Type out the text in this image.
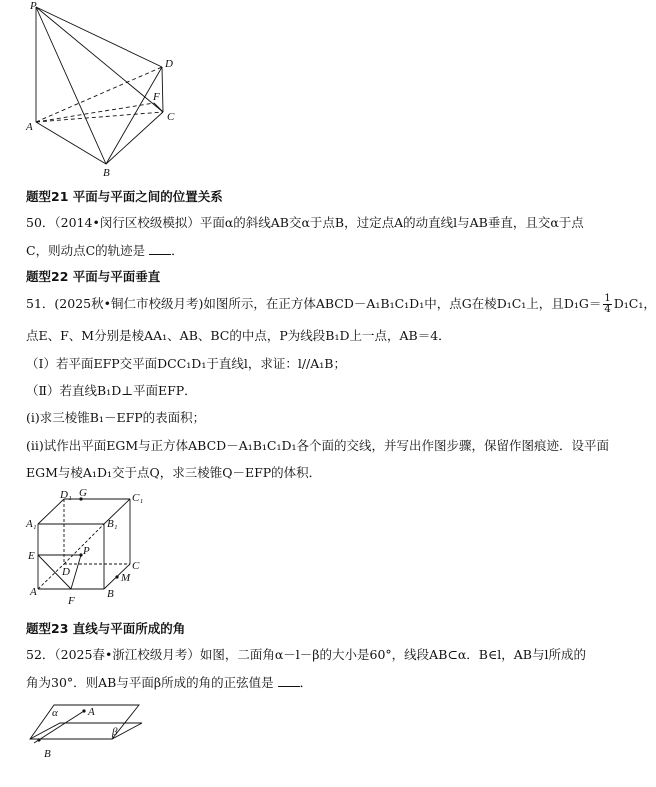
P
D
F
A
C
B
题型21 平面与平面之间的位置关系
50．（2014•闵行区校级模拟）平面α的斜线AB交α于点B，过定点A的动直线l与AB垂直，且交α于点
C，则动点C的轨迹是 ．
题型22 平面与平面垂直
51．(2025秋•铜仁市校级月考)如图所示，在正方体ABCD－A₁B₁C₁D₁中，点G在棱D₁C₁上，且$D_1G= \frac{1}{4} D_1C_1$，
点E、F、M分别是棱AA₁、AB、BC的中点，P为线段B₁D上一点，AB＝4．
（Ⅰ）若平面EFP交平面DCC₁D₁于直线l，求证：l//A₁B；
（Ⅱ）若直线B₁D⊥平面EFP．
(i)求三棱锥B₁－EFP的表面积；
(ii)试作出平面EGM与正方体ABCD－A₁B₁C₁D₁各个面的交线，并写出作图步骤，保留作图痕迹．设平面
EGM与棱A₁D₁交于点Q，求三棱锥Q－EFP的体积．
D₁ G	C₁
A₁	B₁
E	P
D	C
M
A	B
F
题型23 直线与平面所成的角
52．（2025春•浙江校级月考）如图，二面角α－l－β的大小是60°，线段AB⊂α．B∈l，AB与l所成的
角为30°．则AB与平面β所成的角的正弦值是 ．
α	A
β
B
